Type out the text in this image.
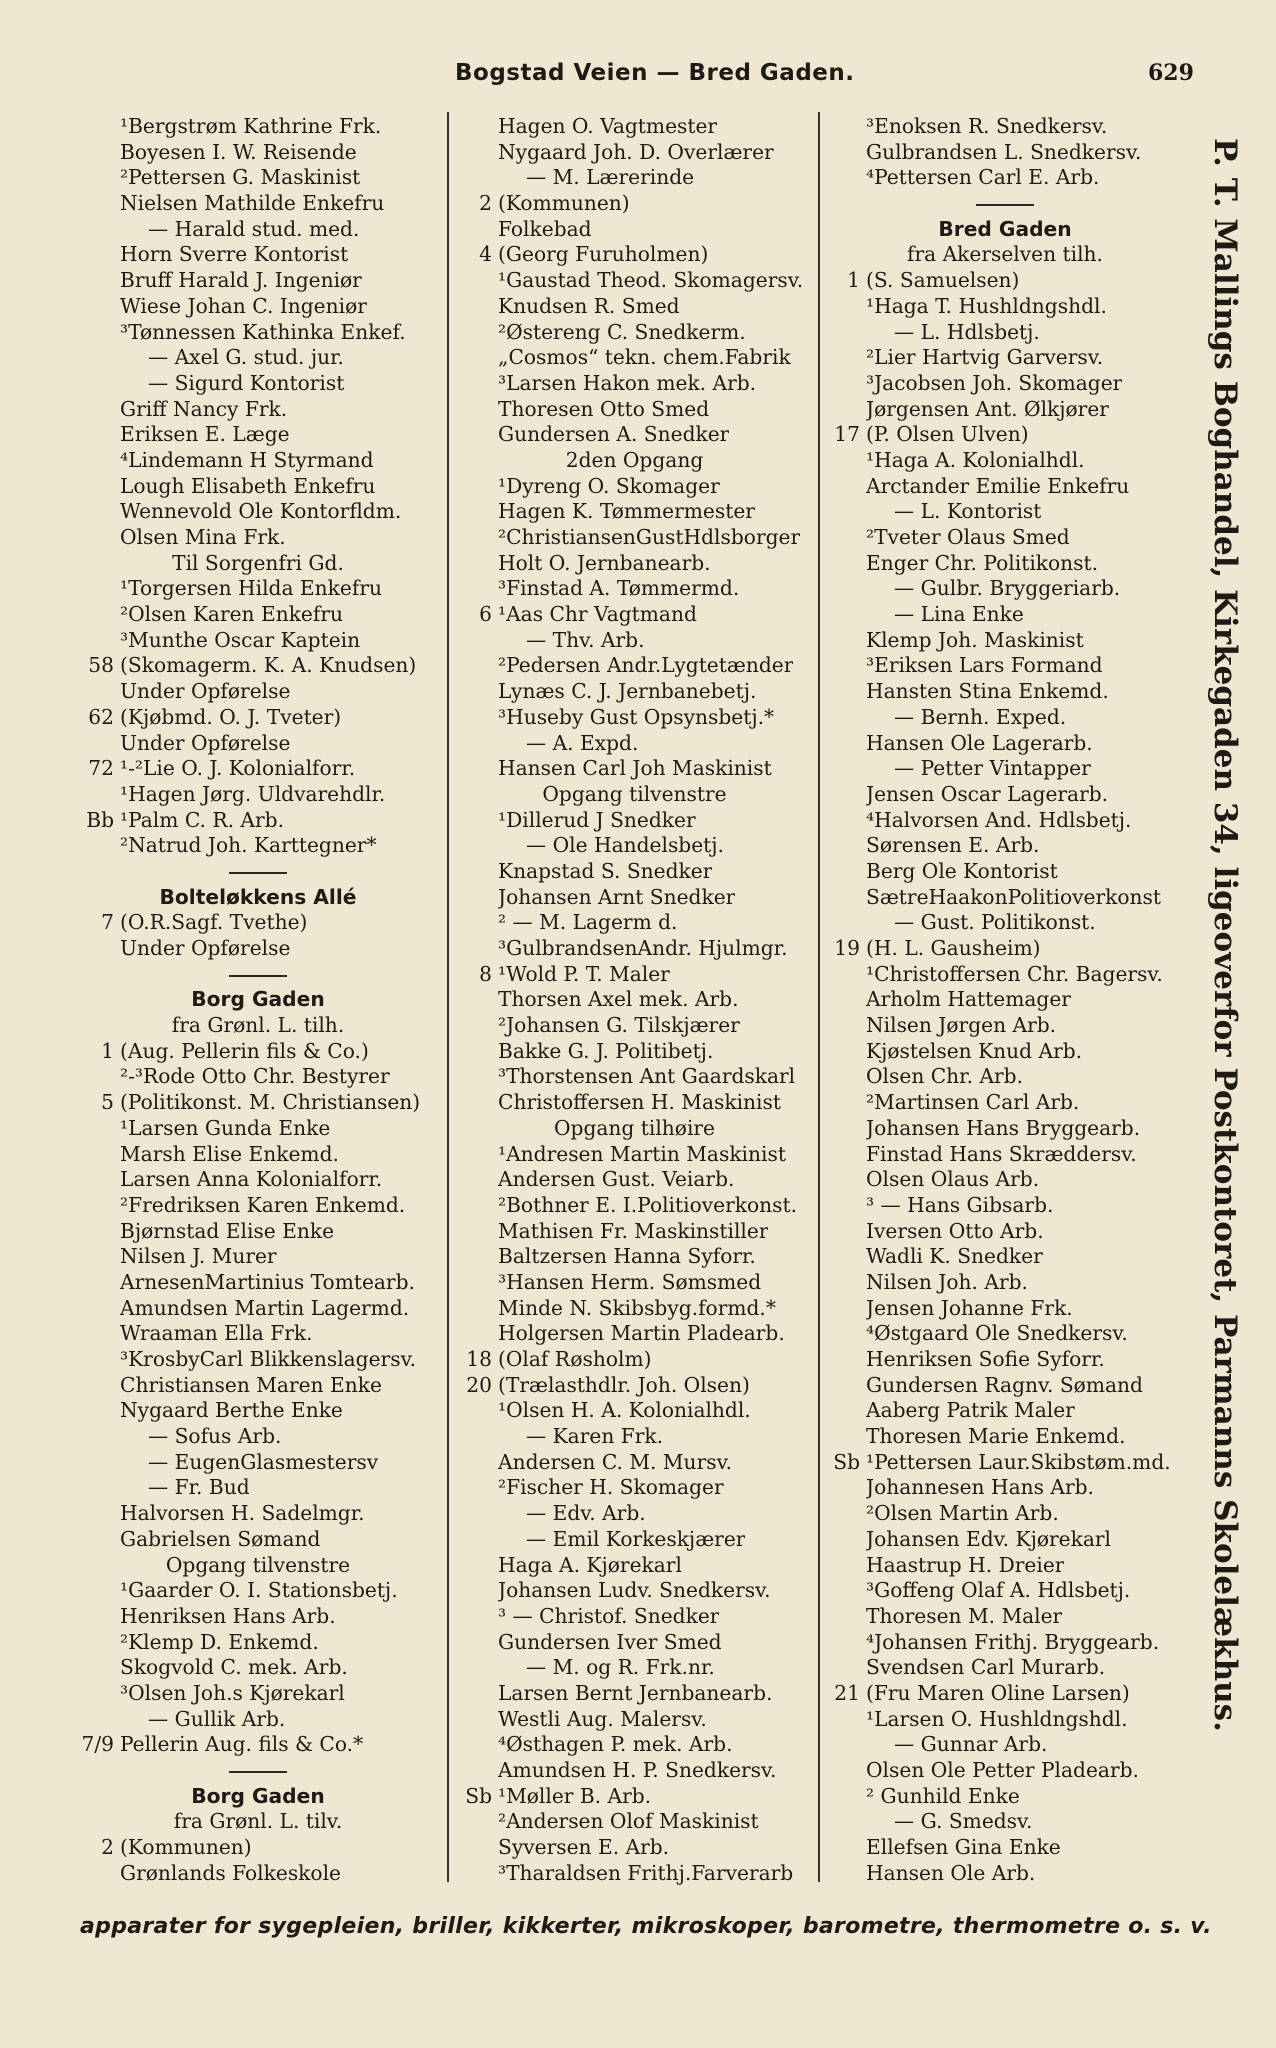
Bogstad Veien — Bred Gaden.	629
¹Bergstrøm Kathrine Frk.
Boyesen I. W. Reisende
²Pettersen G. Maskinist
Nielsen Mathilde Enkefru
— Harald stud. med.
Horn Sverre Kontorist
Bruff Harald J. Ingeniør
Wiese Johan C. Ingeniør
³Tønnessen Kathinka Enkef.
— Axel G. stud. jur.
— Sigurd Kontorist
Griff Nancy Frk.
Eriksen E. Læge
⁴Lindemann H Styrmand
Lough Elisabeth Enkefru
Wennevold Ole Kontorfldm.
Olsen Mina Frk.
Til Sorgenfri Gd.
¹Torgersen Hilda Enkefru
²Olsen Karen Enkefru
³Munthe Oscar Kaptein
58 (Skomagerm. K. A. Knudsen)
Under Opførelse
62 (Kjøbmd. O. J. Tveter)
Under Opførelse
72 ¹-²Lie O. J. Kolonialforr.
¹Hagen Jørg. Uldvarehdlr.
Bb ¹Palm C. R. Arb.
²Natrud Joh. Karttegner*
Bolteløkkens Allé
7 (O.R.Sagf. Tvethe)
Under Opførelse
Borg Gaden
fra Grønl. L. tilh.
1 (Aug. Pellerin fils & Co.)
²-³Rode Otto Chr. Bestyrer
5 (Politikonst. M. Christiansen)
¹Larsen Gunda Enke
Marsh Elise Enkemd.
Larsen Anna Kolonialforr.
²Fredriksen Karen Enkemd.
Bjørnstad Elise Enke
Nilsen J. Murer
ArnesenMartinius Tomtearb.
Amundsen Martin Lagermd.
Wraaman Ella Frk.
³KrosbyCarl Blikkenslagersv.
Christiansen Maren Enke
Nygaard Berthe Enke
— Sofus Arb.
— EugenGlasmestersv
— Fr. Bud
Halvorsen H. Sadelmgr.
Gabrielsen Sømand
Opgang tilvenstre
¹Gaarder O. I. Stationsbetj.
Henriksen Hans Arb.
²Klemp D. Enkemd.
Skogvold C. mek. Arb.
³Olsen Joh.s Kjørekarl
— Gullik Arb.
7/9 Pellerin Aug. fils & Co.*
Borg Gaden
fra Grønl. L. tilv.
2 (Kommunen)
Grønlands Folkeskole
Hagen O. Vagtmester
Nygaard Joh. D. Overlærer
— M. Lærerinde
2 (Kommunen)
Folkebad
4 (Georg Furuholmen)
¹Gaustad Theod. Skomagersv.
Knudsen R. Smed
²Østereng C. Snedkerm.
„Cosmos“ tekn. chem.Fabrik
³Larsen Hakon mek. Arb.
Thoresen Otto Smed
Gundersen A. Snedker
2den Opgang
¹Dyreng O. Skomager
Hagen K. Tømmermester
²ChristiansenGustHdlsborger
Holt O. Jernbanearb.
³Finstad A. Tømmermd.
6 ¹Aas Chr Vagtmand
— Thv. Arb.
²Pedersen Andr.Lygtetænder
Lynæs C. J. Jernbanebetj.
³Huseby Gust Opsynsbetj.*
— A. Expd.
Hansen Carl Joh Maskinist
Opgang tilvenstre
¹Dillerud J Snedker
— Ole Handelsbetj.
Knapstad S. Snedker
Johansen Arnt Snedker
² — M. Lagerm d.
³GulbrandsenAndr. Hjulmgr.
8 ¹Wold P. T. Maler
Thorsen Axel mek. Arb.
²Johansen G. Tilskjærer
Bakke G. J. Politibetj.
³Thorstensen Ant Gaardskarl
Christoffersen H. Maskinist
Opgang tilhøire
¹Andresen Martin Maskinist
Andersen Gust. Veiarb.
²Bothner E. I.Politioverkonst.
Mathisen Fr. Maskinstiller
Baltzersen Hanna Syforr.
³Hansen Herm. Sømsmed
Minde N. Skibsbyg.formd.*
Holgersen Martin Pladearb.
18 (Olaf Røsholm)
20 (Trælasthdlr. Joh. Olsen)
¹Olsen H. A. Kolonialhdl.
— Karen Frk.
Andersen C. M. Mursv.
²Fischer H. Skomager
— Edv. Arb.
— Emil Korkeskjærer
Haga A. Kjørekarl
Johansen Ludv. Snedkersv.
³ — Christof. Snedker
Gundersen Iver Smed
— M. og R. Frk.nr.
Larsen Bernt Jernbanearb.
Westli Aug. Malersv.
⁴Østhagen P. mek. Arb.
Amundsen H. P. Snedkersv.
Sb ¹Møller B. Arb.
²Andersen Olof Maskinist
Syversen E. Arb.
³Tharaldsen Frithj.Farverarb
³Enoksen R. Snedkersv.
Gulbrandsen L. Snedkersv.
⁴Pettersen Carl E. Arb.
Bred Gaden
fra Akerselven tilh.
1 (S. Samuelsen)
¹Haga T. Hushldngshdl.
— L. Hdlsbetj.
²Lier Hartvig Garversv.
³Jacobsen Joh. Skomager
Jørgensen Ant. Ølkjører
17 (P. Olsen Ulven)
¹Haga A. Kolonialhdl.
Arctander Emilie Enkefru
— L. Kontorist
²Tveter Olaus Smed
Enger Chr. Politikonst.
— Gulbr. Bryggeriarb.
— Lina Enke
Klemp Joh. Maskinist
³Eriksen Lars Formand
Hansten Stina Enkemd.
— Bernh. Exped.
Hansen Ole Lagerarb.
— Petter Vintapper
Jensen Oscar Lagerarb.
⁴Halvorsen And. Hdlsbetj.
Sørensen E. Arb.
Berg Ole Kontorist
SætreHaakonPolitioverkonst
— Gust. Politikonst.
19 (H. L. Gausheim)
¹Christoffersen Chr. Bagersv.
Arholm Hattemager
Nilsen Jørgen Arb.
Kjøstelsen Knud Arb.
Olsen Chr. Arb.
²Martinsen Carl Arb.
Johansen Hans Bryggearb.
Finstad Hans Skræddersv.
Olsen Olaus Arb.
³ — Hans Gibsarb.
Iversen Otto Arb.
Wadli K. Snedker
Nilsen Joh. Arb.
Jensen Johanne Frk.
⁴Østgaard Ole Snedkersv.
Henriksen Sofie Syforr.
Gundersen Ragnv. Sømand
Aaberg Patrik Maler
Thoresen Marie Enkemd.
Sb ¹Pettersen Laur.Skibstøm.md.
Johannesen Hans Arb.
²Olsen Martin Arb.
Johansen Edv. Kjørekarl
Haastrup H. Dreier
³Goffeng Olaf A. Hdlsbetj.
Thoresen M. Maler
⁴Johansen Frithj. Bryggearb.
Svendsen Carl Murarb.
21 (Fru Maren Oline Larsen)
¹Larsen O. Hushldngshdl.
— Gunnar Arb.
Olsen Ole Petter Pladearb.
² Gunhild Enke
— G. Smedsv.
Ellefsen Gina Enke
Hansen Ole Arb.
P. T. Mallings Boghandel, Kirkegaden 34, ligeoverfor Postkontoret, Parmanns Skolelækhus.
apparater for sygepleien, briller, kikkerter, mikroskoper, barometre, thermometre o. s. v.
